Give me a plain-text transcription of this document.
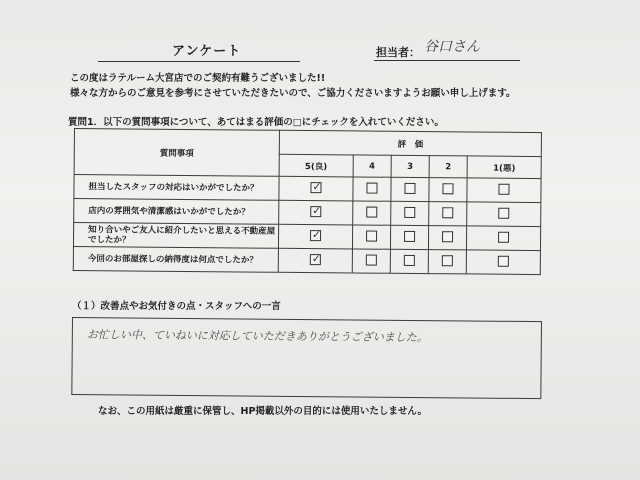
アンケート	担当者： 谷口さん
この度はラテルーム大宮店でのご契約有難うございました!!
様々な方からのご意見を参考にさせていただきたいので、ご協力くださいますようお願い申し上げます。
質問1．以下の質問事項について、あてはまる評価の□にチェックを入れていください。
質問事項	評　価				
	5(良)	4	3	2	1(悪)
担当したスタッフの対応はいかがでしたか？	✓				

店内の雰囲気や清潔感はいかがでしたか？	✓				

知り合いやご友人に紹介したいと思える不動産屋でしたか？	✓				

今回のお部屋探しの納得度は何点でしたか？	✓				

（１）改善点やお気付きの点・スタッフへの一言
お忙しい中、ていねいに対応していただきありがとうございました。
なお、この用紙は厳重に保管し、HP掲載以外の目的には使用いたしません。
